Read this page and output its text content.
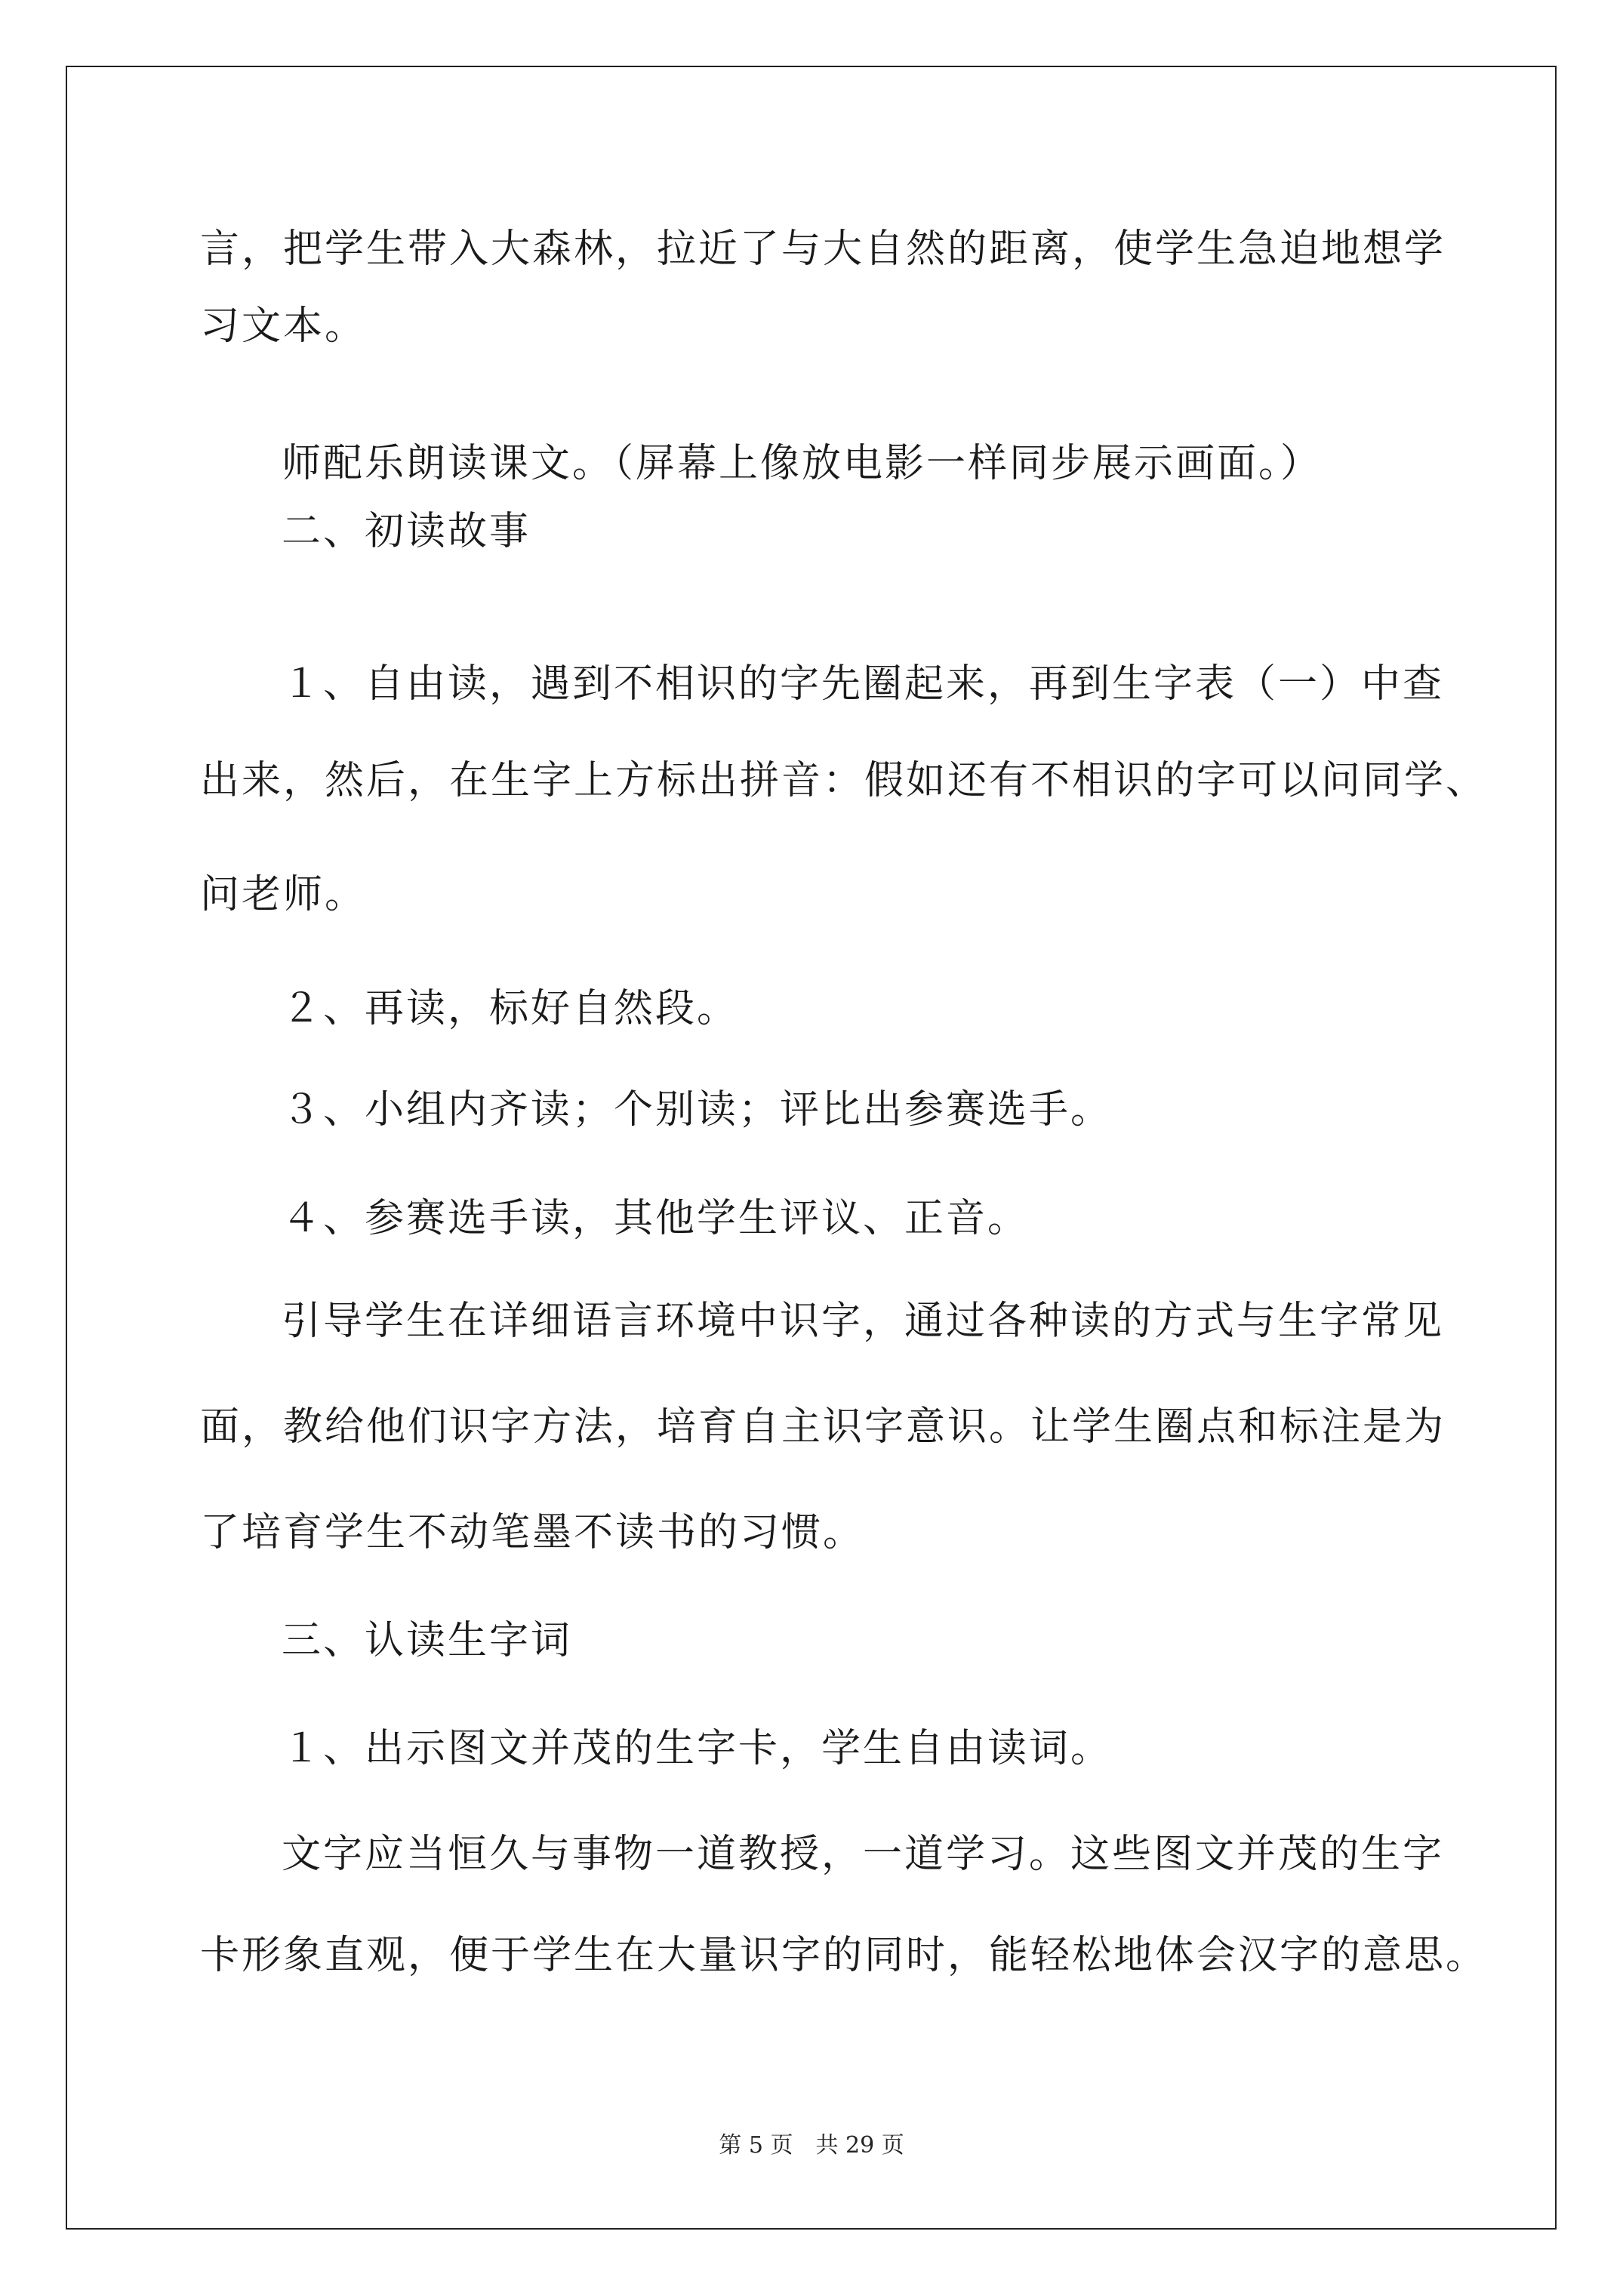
言，把学生带入大森林，拉近了与大自然的距离，使学生急迫地想学
习文本。
师配乐朗读课文。（屏幕上像放电影一样同步展示画面。）
二、初读故事
１、自由读，遇到不相识的字先圈起来，再到生字表（一）中查
出来，然后，在生字上方标出拼音：假如还有不相识的字可以问同学、
问老师。
２、再读，标好自然段。
３、小组内齐读；个别读；评比出参赛选手。
４、参赛选手读，其他学生评议、正音。
引导学生在详细语言环境中识字，通过各种读的方式与生字常见
面，教给他们识字方法，培育自主识字意识。让学生圈点和标注是为
了培育学生不动笔墨不读书的习惯。
三、认读生字词
１、出示图文并茂的生字卡，学生自由读词。
文字应当恒久与事物一道教授，一道学习。这些图文并茂的生字
卡形象直观，便于学生在大量识字的同时，能轻松地体会汉字的意思。
第 5 页　共 29 页
